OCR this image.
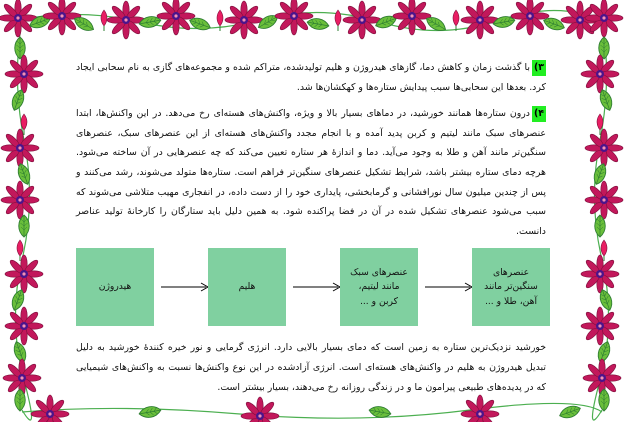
۳)با گذشت زمان و کاهش دما، گازهای هیدروژن و هلیم تولیدشده، متراکم شده و مجموعه‌های گازی به نام سحابی ایجاد کرد. بعدها این سحابی‌ها سبب پیدایش ستاره‌ها و کهکشان‌ها شد.

۴)درون ستاره‌ها همانند خورشید، در دماهای بسیار بالا و ویژه، واکنش‌های هسته‌ای رخ می‌دهد. در این واکنش‌ها، ابتدا عنصرهای سبک مانند لیتیم و کربن پدید آمده و با انجام مجدد واکنش‌های هسته‌ای از این عنصرهای سبک، عنصرهای سنگین‌تر مانند آهن و طلا به وجود می‌آید. دما و اندازهٔ هر ستاره تعیین می‌کند که چه عنصرهایی در آن ساخته می‌شود. هرچه دمای ستاره بیشتر باشد، شرایط تشکیل عنصرهای سنگین‌تر فراهم است. ستاره‌ها متولد می‌شوند، رشد می‌کنند و پس از چندین میلیون سال نورافشانی و گرمابخشی، پایداری خود را از دست داده، در انفجاری مهیب متلاشی می‌شوند که سبب می‌شود عنصرهای تشکیل شده در آن در فضا پراکنده شود. به همین دلیل باید ستارگان را کارخانهٔ تولید عناصر دانست.

هیدروژن	هلیم
عنصرهای سبک
مانند لیتیم،
کربن و ...
عنصرهای
سنگین‌تر مانند
آهن، طلا و ...

خورشید نزدیک‌ترین ستاره به زمین است که دمای بسیار بالایی دارد. انرژی گرمایی و نور خیره کنندهٔ خورشید به دلیل تبدیل هیدروژن به هلیم در واکنش‌های هسته‌ای است. انرژی آزادشده در این نوع واکنش‌ها نسبت به واکنش‌های شیمیایی که در پدیده‌های طبیعی پیرامون ما و در زندگی روزانه رخ می‌دهند، بسیار بیشتر است.
